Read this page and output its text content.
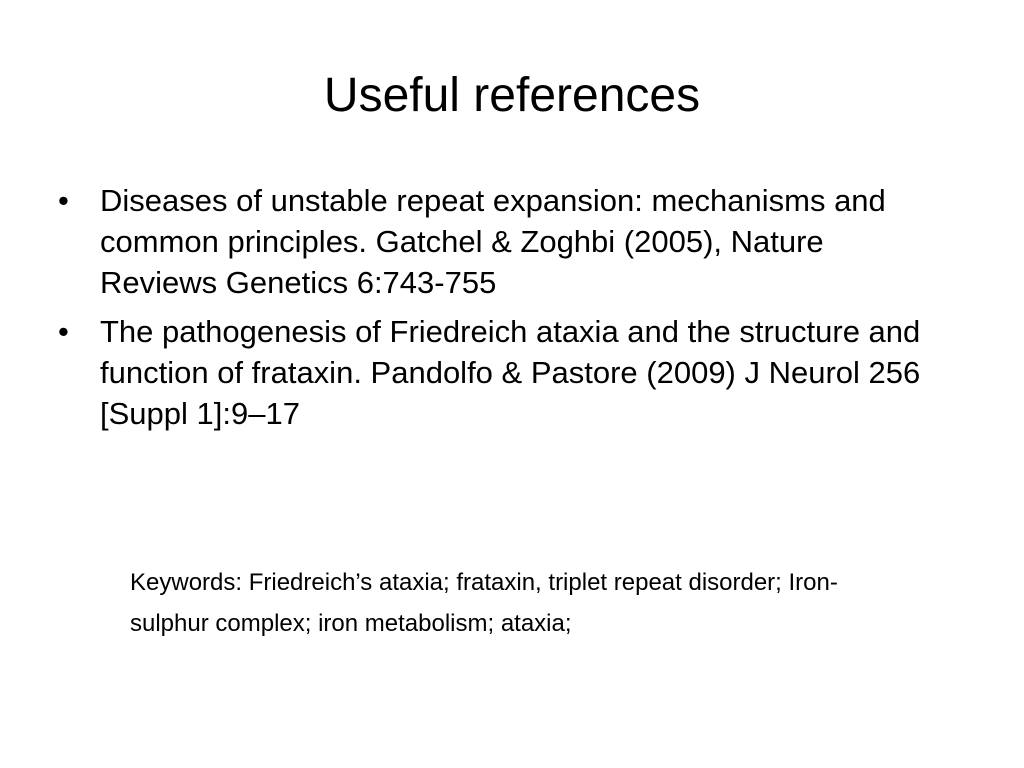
Useful references
• Diseases of unstable repeat expansion: mechanisms and common principles. Gatchel & Zoghbi (2005), Nature Reviews Genetics 6:743-755
• The pathogenesis of Friedreich ataxia and the structure and function of frataxin. Pandolfo & Pastore (2009) J Neurol 256 [Suppl 1]:9–17

Keywords: Friedreich’s ataxia; frataxin, triplet repeat disorder; Iron-sulphur complex; iron metabolism; ataxia;
